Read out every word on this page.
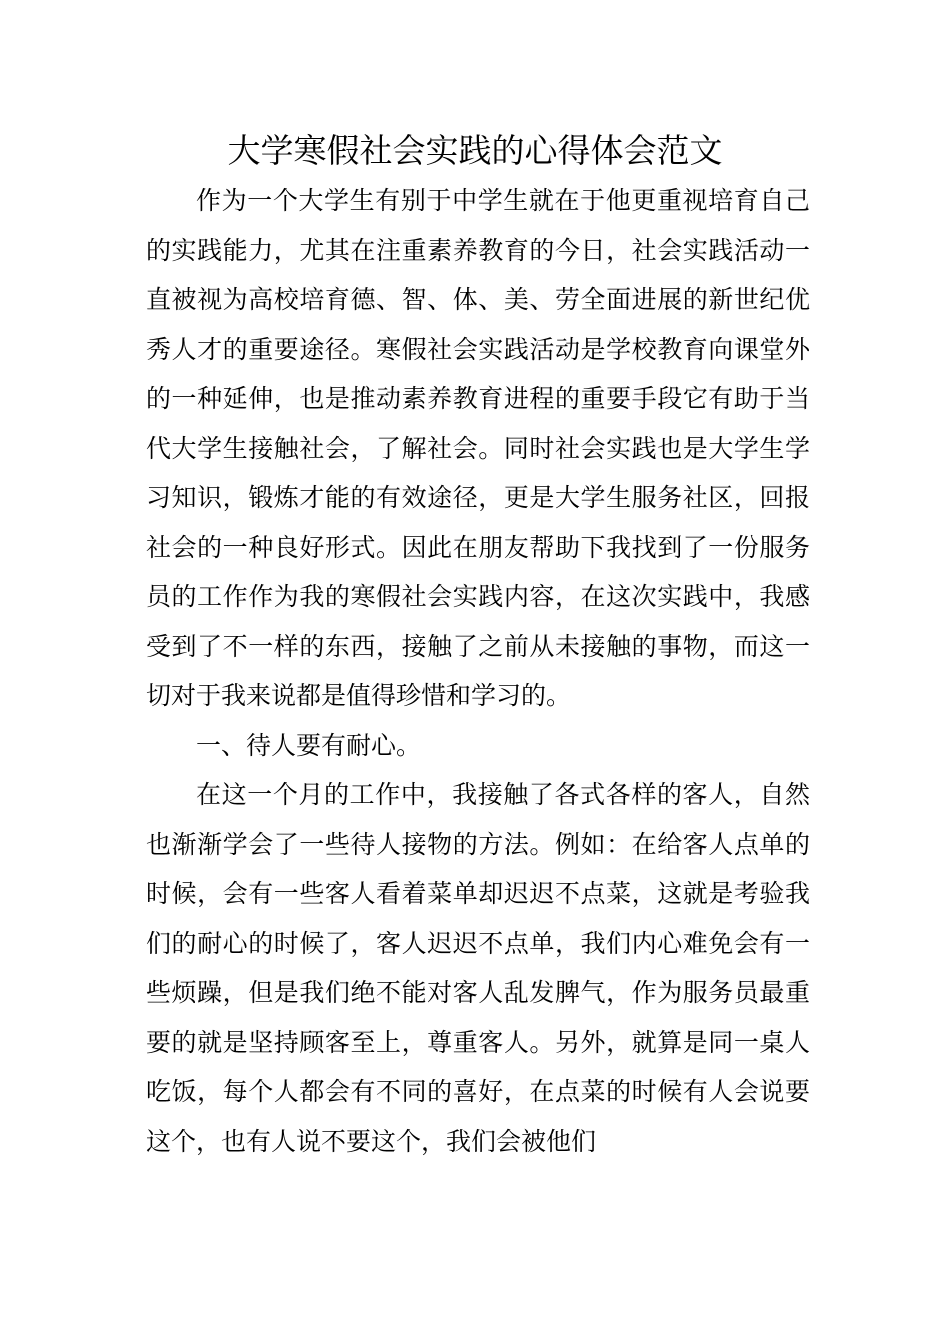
大学寒假社会实践的心得体会范文

作为一个大学生有别于中学生就在于他更重视培育自己的实践能力，尤其在注重素养教育的今日，社会实践活动一直被视为高校培育德、智、体、美、劳全面进展的新世纪优秀人才的重要途径。寒假社会实践活动是学校教育向课堂外的一种延伸，也是推动素养教育进程的重要手段它有助于当代大学生接触社会，了解社会。同时社会实践也是大学生学习知识，锻炼才能的有效途径，更是大学生服务社区，回报社会的一种良好形式。因此在朋友帮助下我找到了一份服务员的工作作为我的寒假社会实践内容，在这次实践中，我感受到了不一样的东西，接触了之前从未接触的事物，而这一切对于我来说都是值得珍惜和学习的。

一、待人要有耐心。

在这一个月的工作中，我接触了各式各样的客人，自然也渐渐学会了一些待人接物的方法。例如：在给客人点单的时候，会有一些客人看着菜单却迟迟不点菜，这就是考验我们的耐心的时候了，客人迟迟不点单，我们内心难免会有一些烦躁，但是我们绝不能对客人乱发脾气，作为服务员最重要的就是坚持顾客至上，尊重客人。另外，就算是同一桌人吃饭，每个人都会有不同的喜好，在点菜的时候有人会说要这个，也有人说不要这个，我们会被他们
